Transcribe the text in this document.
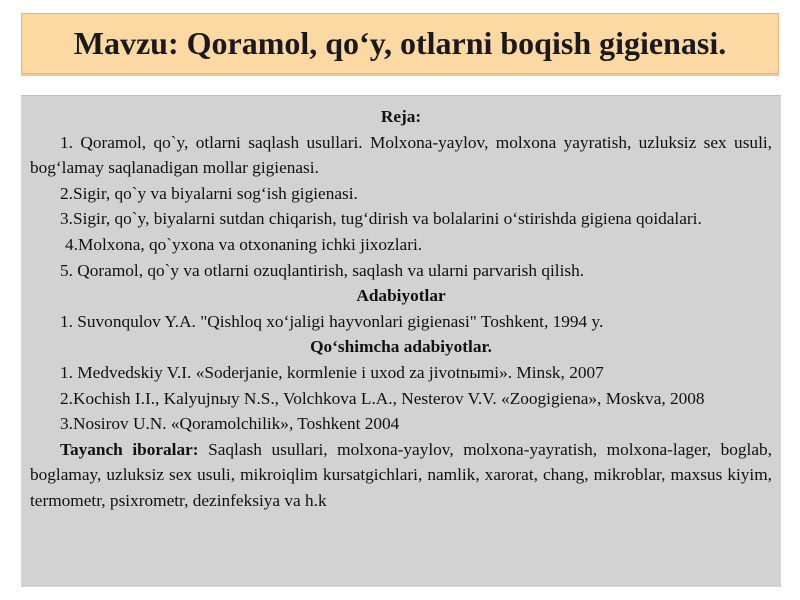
Mavzu: Qoramol, qo‘y, otlarni boqish gigienasi.

Reja:

1. Qoramol, qo`y, otlarni saqlash usullari. Molxona-yaylov, molxona yayratish, uzluksiz sex usuli, bog‘lamay saqlanadigan mollar gigienasi.

2.Sigir, qo`y va biyalarni sog‘ish gigienasi.

3.Sigir, qo`y, biyalarni sutdan chiqarish, tug‘dirish va bolalarini o‘stirishda gigiena qoidalari.

4.Molxona, qo`yxona va otxonaning ichki jixozlari.

5. Qoramol, qo`y va otlarni ozuqlantirish, saqlash va ularni parvarish qilish.

Adabiyotlar

1. Suvonqulov Y.A. "Qishloq xo‘jaligi hayvonlari gigienasi" Toshkent, 1994 y.

Qo‘shimcha adabiyotlar.

1. Medvedskiy V.I. «Soderjanie, kormlenie i uxod za jivotnыmi». Minsk, 2007

2.Kochish I.I., Kalyujnыy N.S., Volchkova L.A., Nesterov V.V. «Zoogigiena», Moskva, 2008

3.Nosirov U.N. «Qoramolchilik», Toshkent 2004

Tayanch iboralar: Saqlash usullari, molxona-yaylov, molxona-yayratish, molxona-lager, boglab, boglamay, uzluksiz sex usuli, mikroiqlim kursatgichlari, namlik, xarorat, chang, mikroblar, maxsus kiyim, termometr, psixrometr, dezinfeksiya va h.k
